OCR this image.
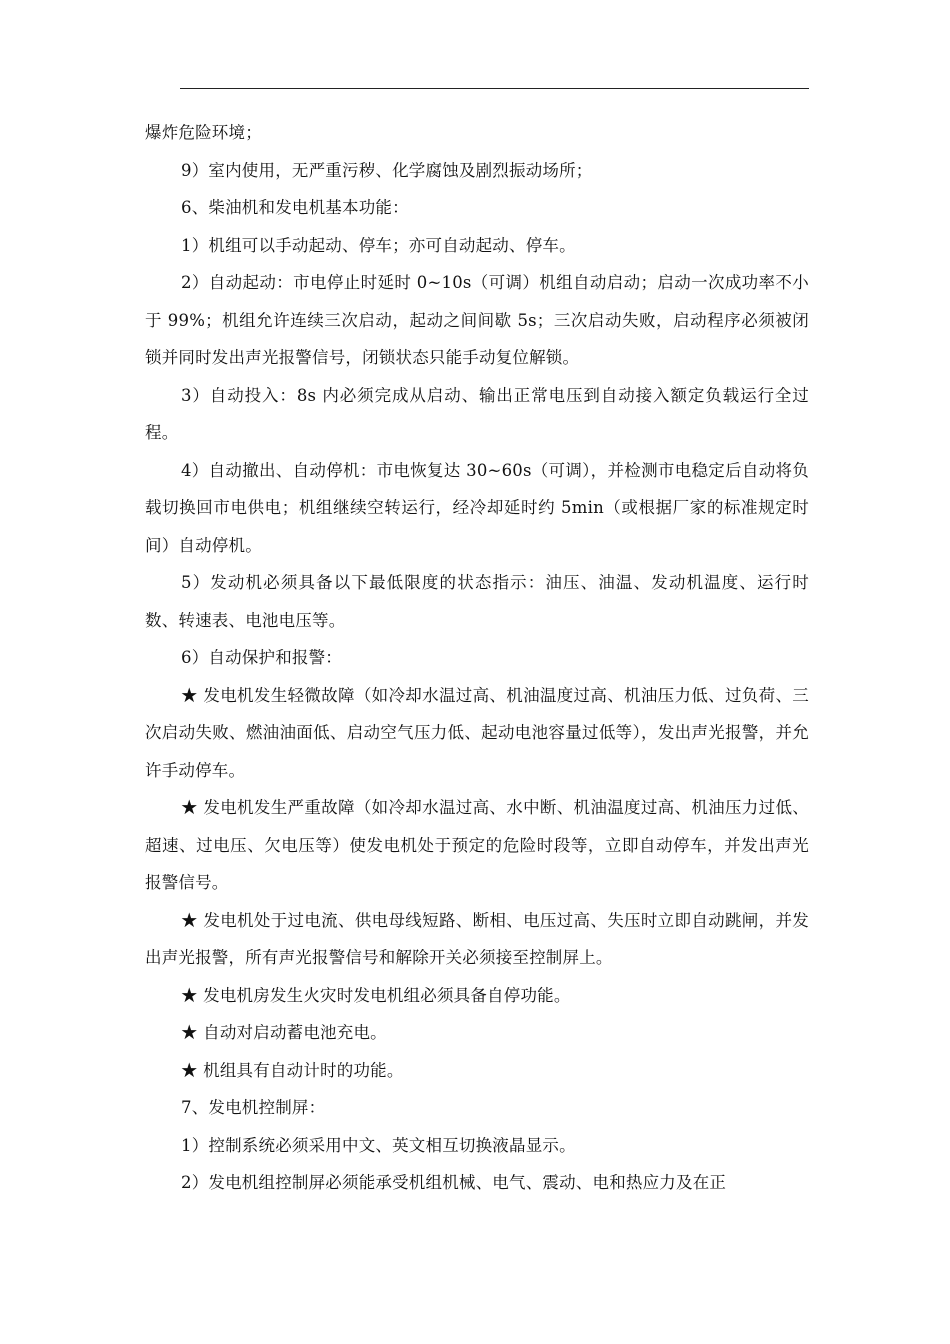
爆炸危险环境；

9）室内使用，无严重污秽、化学腐蚀及剧烈振动场所；

6、柴油机和发电机基本功能：

1）机组可以手动起动、停车；亦可自动起动、停车。

2）自动起动：市电停止时延时 0~10s（可调）机组自动启动；启动一次成功率不小于 99%；机组允许连续三次启动，起动之间间歇 5s；三次启动失败，启动程序必须被闭锁并同时发出声光报警信号，闭锁状态只能手动复位解锁。

3）自动投入：8s 内必须完成从启动、输出正常电压到自动接入额定负载运行全过程。

4）自动撤出、自动停机：市电恢复达 30~60s（可调），并检测市电稳定后自动将负载切换回市电供电；机组继续空转运行，经冷却延时约 5min（或根据厂家的标准规定时间）自动停机。

5）发动机必须具备以下最低限度的状态指示：油压、油温、发动机温度、运行时数、转速表、电池电压等。

6）自动保护和报警：

★ 发电机发生轻微故障（如冷却水温过高、机油温度过高、机油压力低、过负荷、三次启动失败、燃油油面低、启动空气压力低、起动电池容量过低等），发出声光报警，并允许手动停车。

★ 发电机发生严重故障（如冷却水温过高、水中断、机油温度过高、机油压力过低、超速、过电压、欠电压等）使发电机处于预定的危险时段等，立即自动停车，并发出声光报警信号。

★ 发电机处于过电流、供电母线短路、断相、电压过高、失压时立即自动跳闸，并发出声光报警，所有声光报警信号和解除开关必须接至控制屏上。

★ 发电机房发生火灾时发电机组必须具备自停功能。

★ 自动对启动蓄电池充电。

★ 机组具有自动计时的功能。

7、发电机控制屏：

1）控制系统必须采用中文、英文相互切换液晶显示。

2）发电机组控制屏必须能承受机组机械、电气、震动、电和热应力及在正
